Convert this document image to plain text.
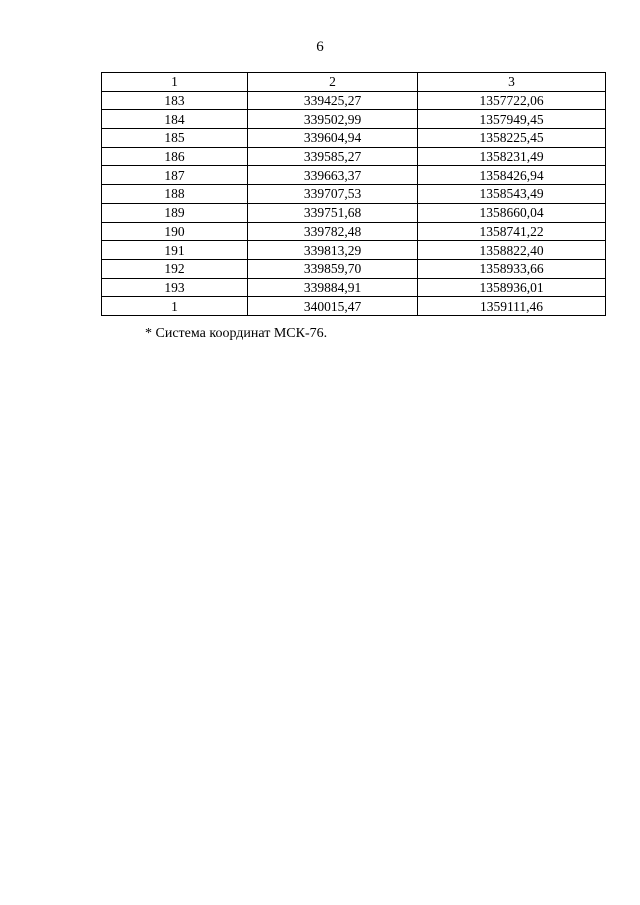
6
1	2	3
183	339425,27	1357722,06
184	339502,99	1357949,45
185	339604,94	1358225,45
186	339585,27	1358231,49
187	339663,37	1358426,94
188	339707,53	1358543,49
189	339751,68	1358660,04
190	339782,48	1358741,22
191	339813,29	1358822,40
192	339859,70	1358933,66
193	339884,91	1358936,01
1	340015,47	1359111,46
* Система координат МСК-76.
